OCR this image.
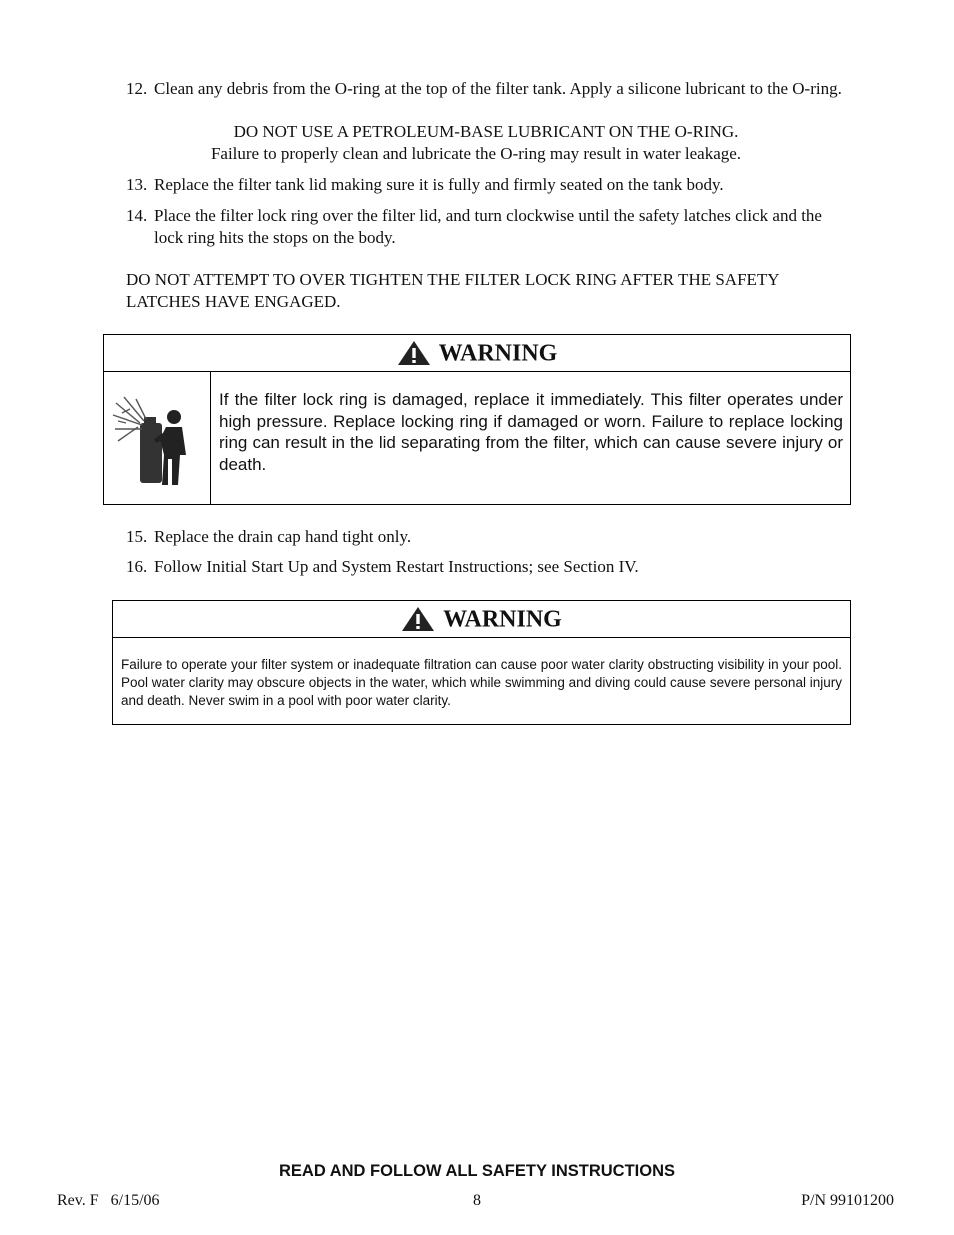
12. Clean any debris from the O-ring at the top of the filter tank. Apply a silicone lubricant to the O-ring.
DO NOT USE A PETROLEUM-BASE LUBRICANT ON THE O-RING.
Failure to properly clean and lubricate the O-ring may result in water leakage.
13. Replace the filter tank lid making sure it is fully and firmly seated on the tank body.
14. Place the filter lock ring over the filter lid, and turn clockwise until the safety latches click and the lock ring hits the stops on the body.
DO NOT ATTEMPT TO OVER TIGHTEN THE FILTER LOCK RING AFTER THE SAFETY LATCHES HAVE ENGAGED.
WARNING
If the filter lock ring is damaged, replace it immediately. This filter operates under high pressure. Replace locking ring if damaged or worn. Failure to replace locking ring can result in the lid separating from the filter, which can cause severe injury or death.
15. Replace the drain cap hand tight only.
16. Follow Initial Start Up and System Restart Instructions; see Section IV.
WARNING
Failure to operate your filter system or inadequate filtration can cause poor water clarity obstructing visibility in your pool. Pool water clarity may obscure objects in the water, which while swimming and diving could cause severe personal injury and death. Never swim in a pool with poor water clarity.
READ AND FOLLOW ALL SAFETY INSTRUCTIONS
Rev. F   6/15/06	8	P/N 99101200
